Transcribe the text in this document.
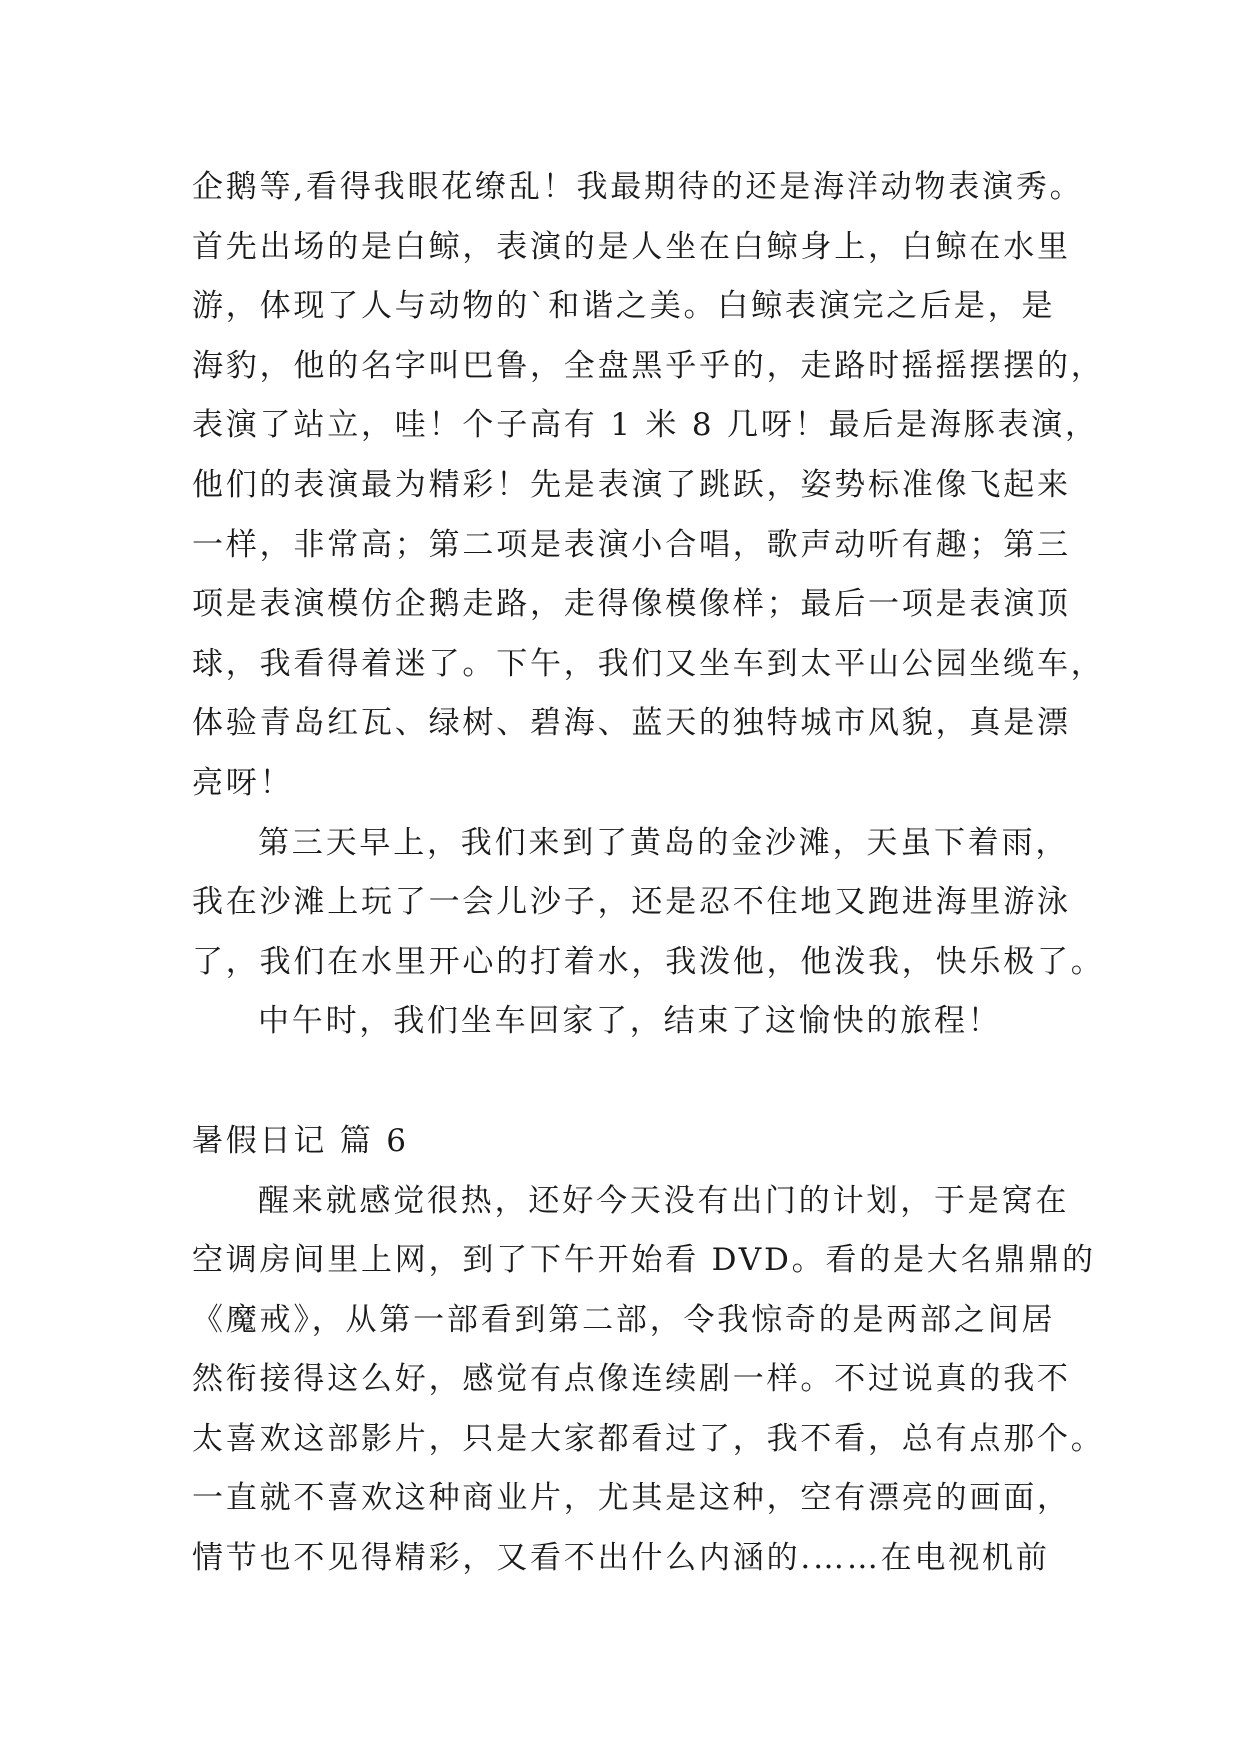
企鹅等,看得我眼花缭乱！我最期待的还是海洋动物表演秀。
首先出场的是白鲸，表演的是人坐在白鲸身上，白鲸在水里
游，体现了人与动物的`和谐之美。白鲸表演完之后是，是
海豹，他的名字叫巴鲁，全盘黑乎乎的，走路时摇摇摆摆的，
表演了站立，哇！个子高有 1 米 8 几呀！最后是海豚表演，
他们的表演最为精彩！先是表演了跳跃，姿势标准像飞起来
一样，非常高；第二项是表演小合唱，歌声动听有趣；第三
项是表演模仿企鹅走路，走得像模像样；最后一项是表演顶
球，我看得着迷了。下午，我们又坐车到太平山公园坐缆车，
体验青岛红瓦、绿树、碧海、蓝天的独特城市风貌，真是漂
亮呀！
第三天早上，我们来到了黄岛的金沙滩，天虽下着雨，
我在沙滩上玩了一会儿沙子，还是忍不住地又跑进海里游泳
了，我们在水里开心的打着水，我泼他，他泼我，快乐极了。
中午时，我们坐车回家了，结束了这愉快的旅程！
暑假日记 篇 6
醒来就感觉很热，还好今天没有出门的计划，于是窝在
空调房间里上网，到了下午开始看 DVD。看的是大名鼎鼎的
《魔戒》，从第一部看到第二部，令我惊奇的是两部之间居
然衔接得这么好，感觉有点像连续剧一样。不过说真的我不
太喜欢这部影片，只是大家都看过了，我不看，总有点那个。
一直就不喜欢这种商业片，尤其是这种，空有漂亮的画面，
情节也不见得精彩，又看不出什么内涵的.……在电视机前
